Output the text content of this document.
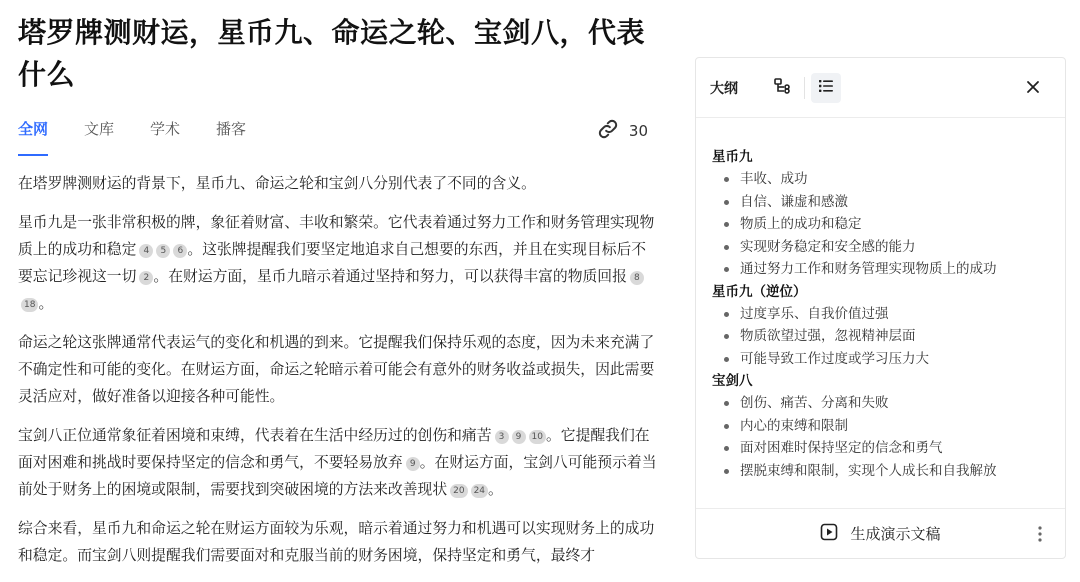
塔罗牌测财运，星币九、命运之轮、宝剑八，代表什么
全网 文库 学术 播客	30

在塔罗牌测财运的背景下，星币九、命运之轮和宝剑八分别代表了不同的含义。

星币九是一张非常积极的牌，象征着财富、丰收和繁荣。它代表着通过努力工作和财务管理实现物质上的成功和稳定 4 5 6 。这张牌提醒我们要坚定地追求自己想要的东西，并且在实现目标后不要忘记珍视这一切 2 。在财运方面，星币九暗示着通过坚持和努力，可以获得丰富的物质回报 818 。

命运之轮这张牌通常代表运气的变化和机遇的到来。它提醒我们保持乐观的态度，因为未来充满了不确定性和可能的变化。在财运方面，命运之轮暗示着可能会有意外的财务收益或损失，因此需要灵活应对，做好准备以迎接各种可能性。

宝剑八正位通常象征着困境和束缚，代表着在生活中经历过的创伤和痛苦 3 9 10 。它提醒我们在面对困难和挑战时要保持坚定的信念和勇气，不要轻易放弃 9 。在财运方面，宝剑八可能预示着当前处于财务上的困境或限制，需要找到突破困境的方法来改善现状 20 24 。

综合来看，星币九和命运之轮在财运方面较为乐观，暗示着通过努力和机遇可以实现财务上的成功和稳定。而宝剑八则提醒我们需要面对和克服当前的财务困境，保持坚定和勇气，最终才

大纲
星币九
丰收、成功
自信、谦虚和感激
物质上的成功和稳定
实现财务稳定和安全感的能力
通过努力工作和财务管理实现物质上的成功
星币九（逆位）
过度享乐、自我价值过强
物质欲望过强，忽视精神层面
可能导致工作过度或学习压力大
宝剑八
创伤、痛苦、分离和失败
内心的束缚和限制
面对困难时保持坚定的信念和勇气
摆脱束缚和限制，实现个人成长和自我解放
生成演示文稿
